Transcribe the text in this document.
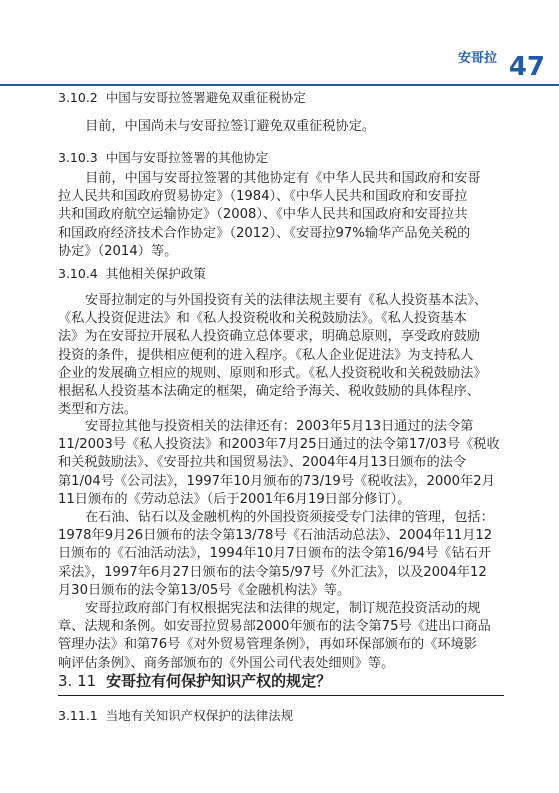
安哥拉 47
3.10.2 中国与安哥拉签署避免双重征税协定
目前，中国尚未与安哥拉签订避免双重征税协定。
3.10.3 中国与安哥拉签署的其他协定
目前，中国与安哥拉签署的其他协定有《中华人民共和国政府和安哥
拉人民共和国政府贸易协定》（1984）、《中华人民共和国政府和安哥拉
共和国政府航空运输协定》（2008）、《中华人民共和国政府和安哥拉共
和国政府经济技术合作协定》（2012）、《安哥拉97%输华产品免关税的
协定》（2014）等。
3.10.4 其他相关保护政策
安哥拉制定的与外国投资有关的法律法规主要有《私人投资基本法》、
《私人投资促进法》和《私人投资税收和关税鼓励法》。《私人投资基本
法》为在安哥拉开展私人投资确立总体要求，明确总原则，享受政府鼓励
投资的条件，提供相应便利的进入程序。《私人企业促进法》为支持私人
企业的发展确立相应的规则、原则和形式。《私人投资税收和关税鼓励法》
根据私人投资基本法确定的框架，确定给予海关、税收鼓励的具体程序、
类型和方法。
安哥拉其他与投资相关的法律还有：2003年5月13日通过的法令第
11/2003号《私人投资法》和2003年7月25日通过的法令第17/03号《税收
和关税鼓励法》、《安哥拉共和国贸易法》、2004年4月13日颁布的法令
第1/04号《公司法》，1997年10月颁布的73/19号《税收法》，2000年2月
11日颁布的《劳动总法》（后于2001年6月19日部分修订）。
在石油、钻石以及金融机构的外国投资须接受专门法律的管理，包括：
1978年9月26日颁布的法令第13/78号《石油活动总法》、2004年11月12
日颁布的《石油活动法》，1994年10月7日颁布的法令第16/94号《钻石开
采法》，1997年6月27日颁布的法令第5/97号《外汇法》，以及2004年12
月30日颁布的法令第13/05号《金融机构法》等。
安哥拉政府部门有权根据宪法和法律的规定，制订规范投资活动的规
章、法规和条例。如安哥拉贸易部2000年颁布的法令第75号《进出口商品
管理办法》和第76号《对外贸易管理条例》，再如环保部颁布的《环境影
响评估条例》、商务部颁布的《外国公司代表处细则》等。
3. 11 安哥拉有何保护知识产权的规定？
3.11.1 当地有关知识产权保护的法律法规
